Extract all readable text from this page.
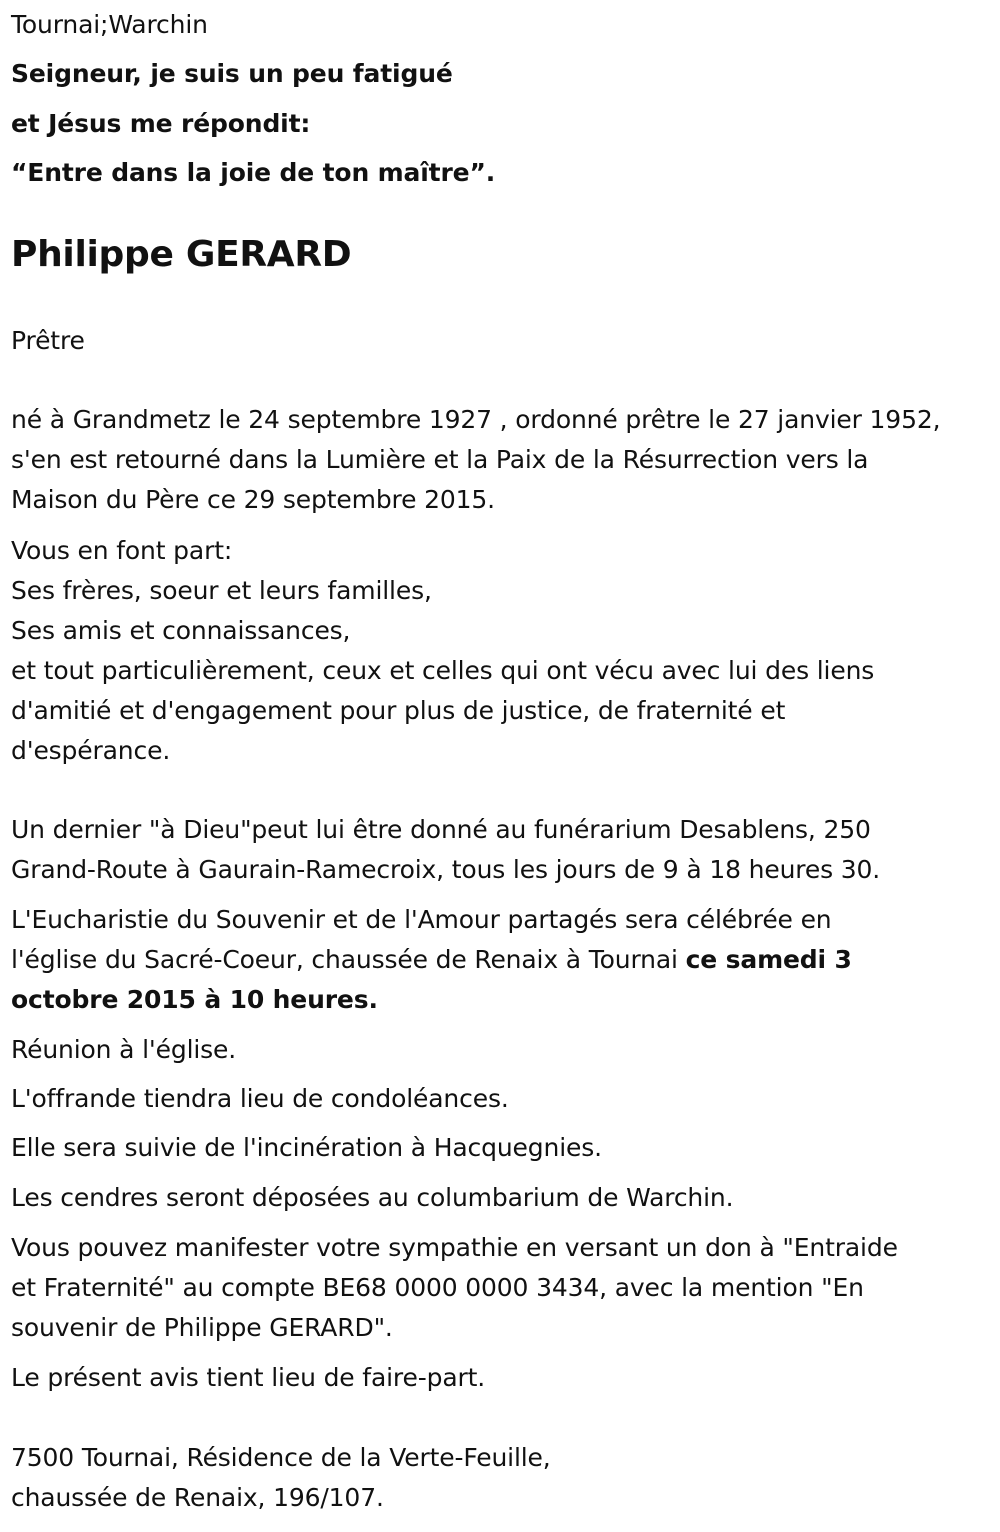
Tournai;Warchin
Seigneur, je suis un peu fatigué
et Jésus me répondit:
“Entre dans la joie de ton maître”.
Philippe GERARD
Prêtre
né à Grandmetz le 24 septembre 1927 , ordonné prêtre le 27 janvier 1952,
s'en est retourné dans la Lumière et la Paix de la Résurrection vers la
Maison du Père ce 29 septembre 2015.
Vous en font part:
Ses frères, soeur et leurs familles,
Ses amis et connaissances,
et tout particulièrement, ceux et celles qui ont vécu avec lui des liens
d'amitié et d'engagement pour plus de justice, de fraternité et
d'espérance.
Un dernier "à Dieu"peut lui être donné au funérarium Desablens, 250
Grand-Route à Gaurain-Ramecroix, tous les jours de 9 à 18 heures 30.
L'Eucharistie du Souvenir et de l'Amour partagés sera célébrée en
l'église du Sacré-Coeur, chaussée de Renaix à Tournai ce samedi 3
octobre 2015 à 10 heures.
Réunion à l'église.
L'offrande tiendra lieu de condoléances.
Elle sera suivie de l'incinération à Hacquegnies.
Les cendres seront déposées au columbarium de Warchin.
Vous pouvez manifester votre sympathie en versant un don à "Entraide
et Fraternité" au compte BE68 0000 0000 3434, avec la mention "En
souvenir de Philippe GERARD".
Le présent avis tient lieu de faire-part.
7500 Tournai, Résidence de la Verte-Feuille,
chaussée de Renaix, 196/107.
